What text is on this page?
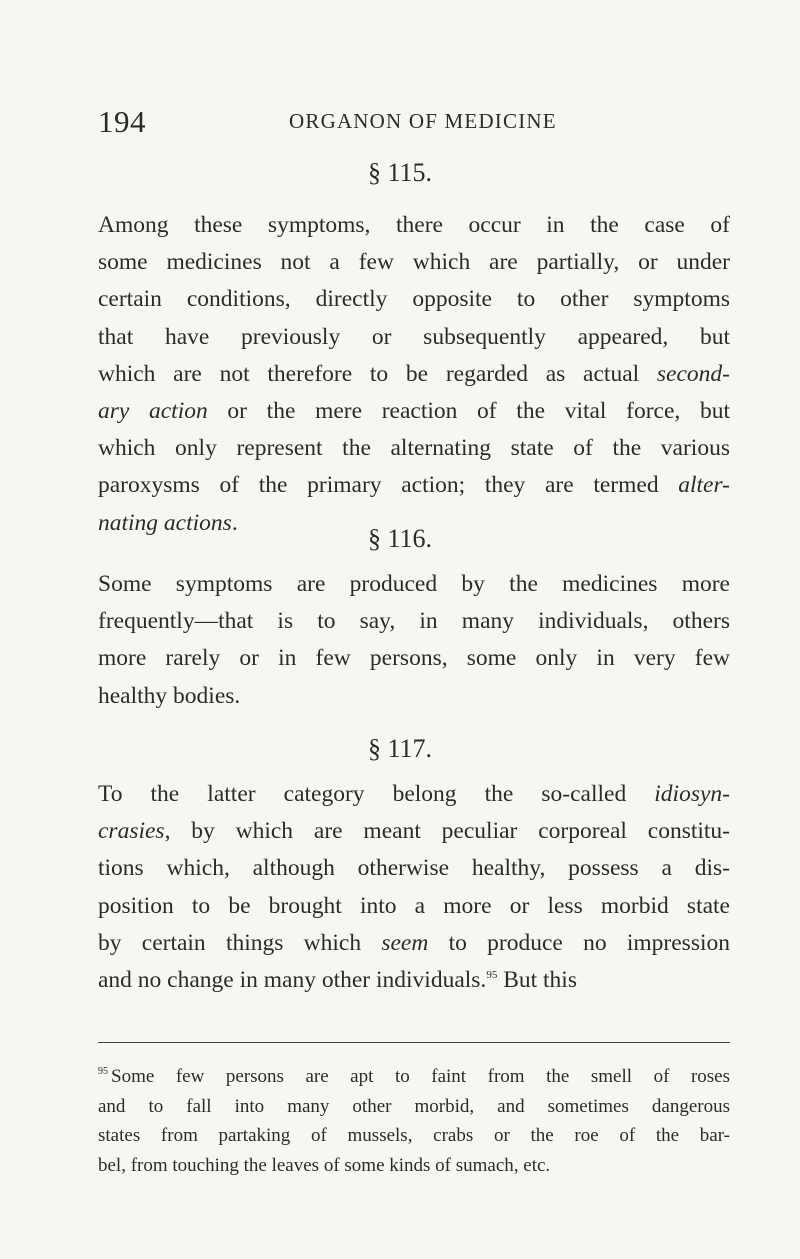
194	ORGANON OF MEDICINE
§ 115.
Among these symptoms, there occur in the case of
some medicines not a few which are partially, or under
certain conditions, directly opposite to other symptoms
that have previously or subsequently appeared, but
which are not therefore to be regarded as actual second-
ary action or the mere reaction of the vital force, but
which only represent the alternating state of the various
paroxysms of the primary action; they are termed alter-
nating actions.
§ 116.
Some symptoms are produced by the medicines more
frequently—that is to say, in many individuals, others
more rarely or in few persons, some only in very few
healthy bodies.
§ 117.
To the latter category belong the so-called idiosyn-
crasies, by which are meant peculiar corporeal constitu-
tions which, although otherwise healthy, possess a dis-
position to be brought into a more or less morbid state
by certain things which seem to produce no impression
and no change in many other individuals.$^{95}$ But this
$^{95}$ Some few persons are apt to faint from the smell of roses
and to fall into many other morbid, and sometimes dangerous
states from partaking of mussels, crabs or the roe of the bar-
bel, from touching the leaves of some kinds of sumach, etc.
